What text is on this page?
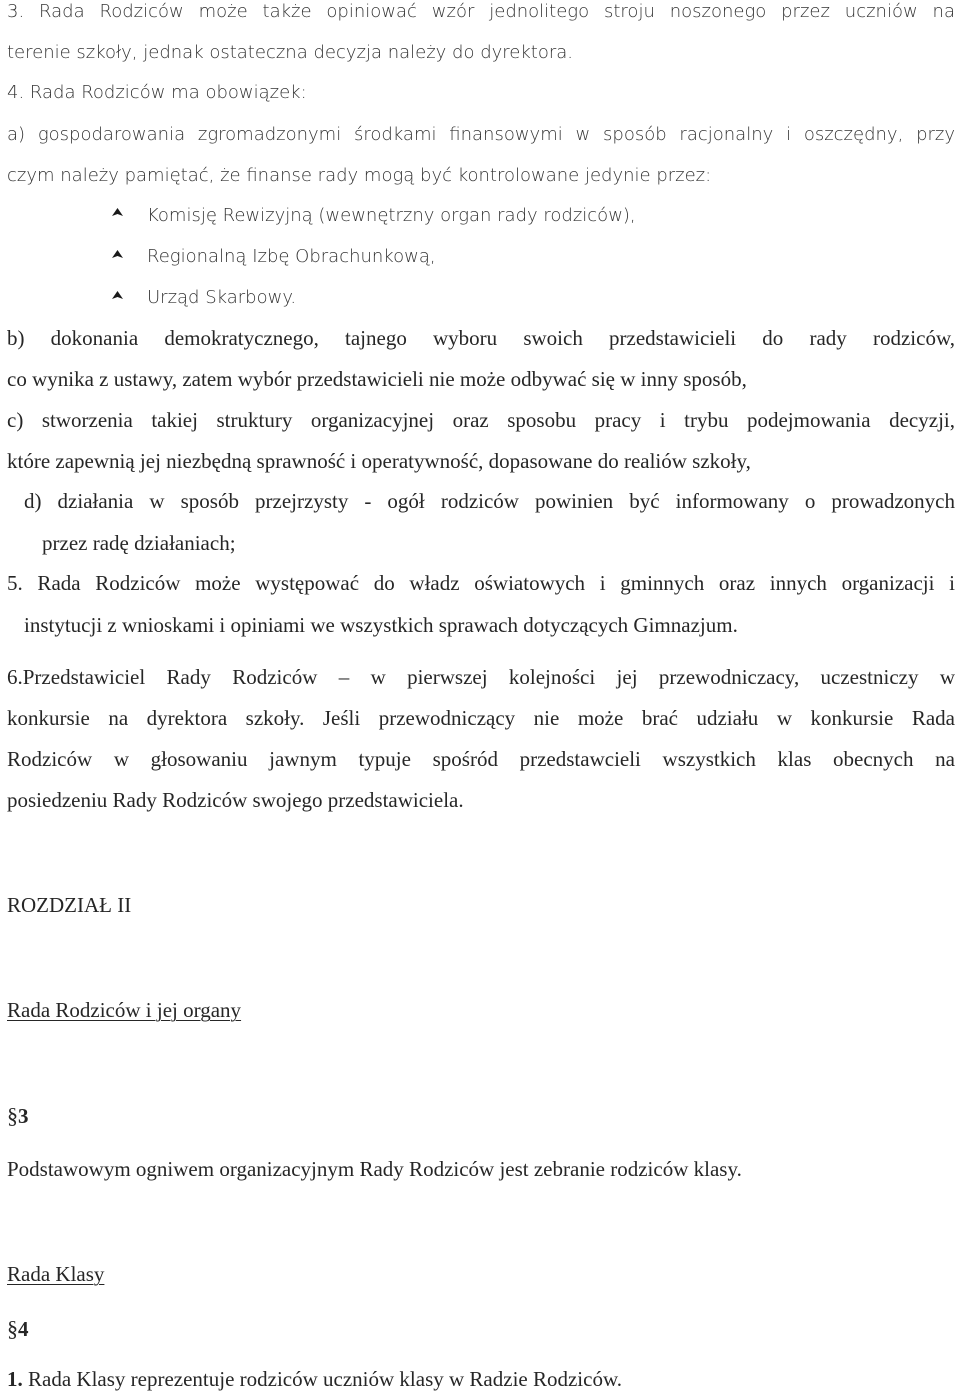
3. Rada Rodziców może także opiniować wzór jednolitego stroju noszonego przez uczniów na
terenie szkoły, jednak ostateczna decyzja należy do dyrektora.
4. Rada Rodziców ma obowiązek:
a) gospodarowania zgromadzonymi środkami finansowymi w sposób racjonalny i oszczędny, przy
czym należy pamiętać, że finanse rady mogą być kontrolowane jedynie przez:
Komisję Rewizyjną (wewnętrzny organ rady rodziców),
Regionalną Izbę Obrachunkową,
Urząd Skarbowy.
b) dokonania demokratycznego, tajnego wyboru swoich przedstawicieli do rady rodziców,
co wynika z ustawy, zatem wybór przedstawicieli nie może odbywać się w inny sposób,
c) stworzenia takiej struktury organizacyjnej oraz sposobu pracy i trybu podejmowania decyzji,
które zapewnią jej niezbędną sprawność i operatywność, dopasowane do realiów szkoły,
d) działania w sposób przejrzysty - ogół rodziców powinien być informowany o prowadzonych
przez radę działaniach;
5. Rada Rodziców może występować do władz oświatowych i gminnych oraz innych organizacji i
instytucji z wnioskami i opiniami we wszystkich sprawach dotyczących Gimnazjum.
6.Przedstawiciel Rady Rodziców – w pierwszej kolejności jej przewodniczacy, uczestniczy w
konkursie na dyrektora szkoły. Jeśli przewodniczący nie może brać udziału w konkursie Rada
Rodziców w głosowaniu jawnym typuje spośród przedstawcieli wszystkich klas obecnych na
posiedzeniu Rady Rodziców swojego przedstawiciela.
ROZDZIAŁ II
Rada Rodziców i jej organy
§3
Podstawowym ogniwem organizacyjnym Rady Rodziców jest zebranie rodziców klasy.
Rada Klasy
§4
1. Rada Klasy reprezentuje rodziców uczniów klasy w Radzie Rodziców.
